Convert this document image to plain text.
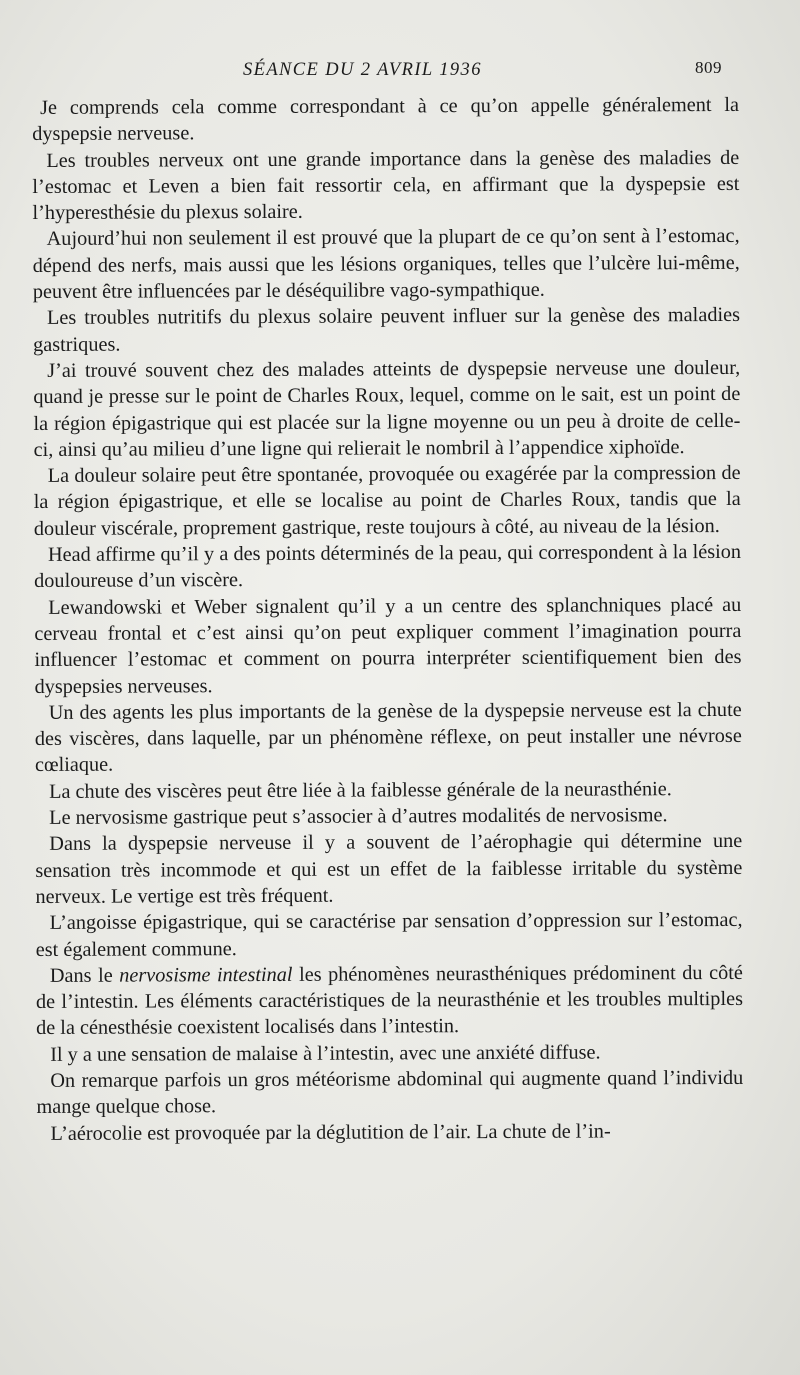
SÉANCE DU 2 AVRIL 1936	809

Je comprends cela comme correspondant à ce qu’on appelle généralement la dyspepsie nerveuse.

Les troubles nerveux ont une grande importance dans la genèse des maladies de l’estomac et Leven a bien fait ressortir cela, en affirmant que la dyspepsie est l’hyperesthésie du plexus solaire.

Aujourd’hui non seulement il est prouvé que la plupart de ce qu’on sent à l’estomac, dépend des nerfs, mais aussi que les lésions organiques, telles que l’ulcère lui-même, peuvent être influencées par le déséquilibre vago-sympathique.

Les troubles nutritifs du plexus solaire peuvent influer sur la genèse des maladies gastriques.

J’ai trouvé souvent chez des malades atteints de dyspepsie nerveuse une douleur, quand je presse sur le point de Charles Roux, lequel, comme on le sait, est un point de la région épigastrique qui est placée sur la ligne moyenne ou un peu à droite de celle-ci, ainsi qu’au milieu d’une ligne qui relierait le nombril à l’appendice xiphoïde.

La douleur solaire peut être spontanée, provoquée ou exagérée par la compression de la région épigastrique, et elle se localise au point de Charles Roux, tandis que la douleur viscérale, proprement gastrique, reste toujours à côté, au niveau de la lésion.

Head affirme qu’il y a des points déterminés de la peau, qui correspondent à la lésion douloureuse d’un viscère.

Lewandowski et Weber signalent qu’il y a un centre des splanchniques placé au cerveau frontal et c’est ainsi qu’on peut expliquer comment l’imagination pourra influencer l’estomac et comment on pourra interpréter scientifiquement bien des dyspepsies nerveuses.

Un des agents les plus importants de la genèse de la dyspepsie nerveuse est la chute des viscères, dans laquelle, par un phénomène réflexe, on peut installer une névrose cœliaque.

La chute des viscères peut être liée à la faiblesse générale de la neurasthénie.

Le nervosisme gastrique peut s’associer à d’autres modalités de nervosisme.

Dans la dyspepsie nerveuse il y a souvent de l’aérophagie qui détermine une sensation très incommode et qui est un effet de la faiblesse irritable du système nerveux. Le vertige est très fréquent.

L’angoisse épigastrique, qui se caractérise par sensation d’oppression sur l’estomac, est également commune.

Dans le nervosisme intestinal les phénomènes neurasthéniques prédominent du côté de l’intestin. Les éléments caractéristiques de la neurasthénie et les troubles multiples de la cénesthésie coexistent localisés dans l’intestin.

Il y a une sensation de malaise à l’intestin, avec une anxiété diffuse.

On remarque parfois un gros météorisme abdominal qui augmente quand l’individu mange quelque chose.

L’aérocolie est provoquée par la déglutition de l’air. La chute de l’in-
